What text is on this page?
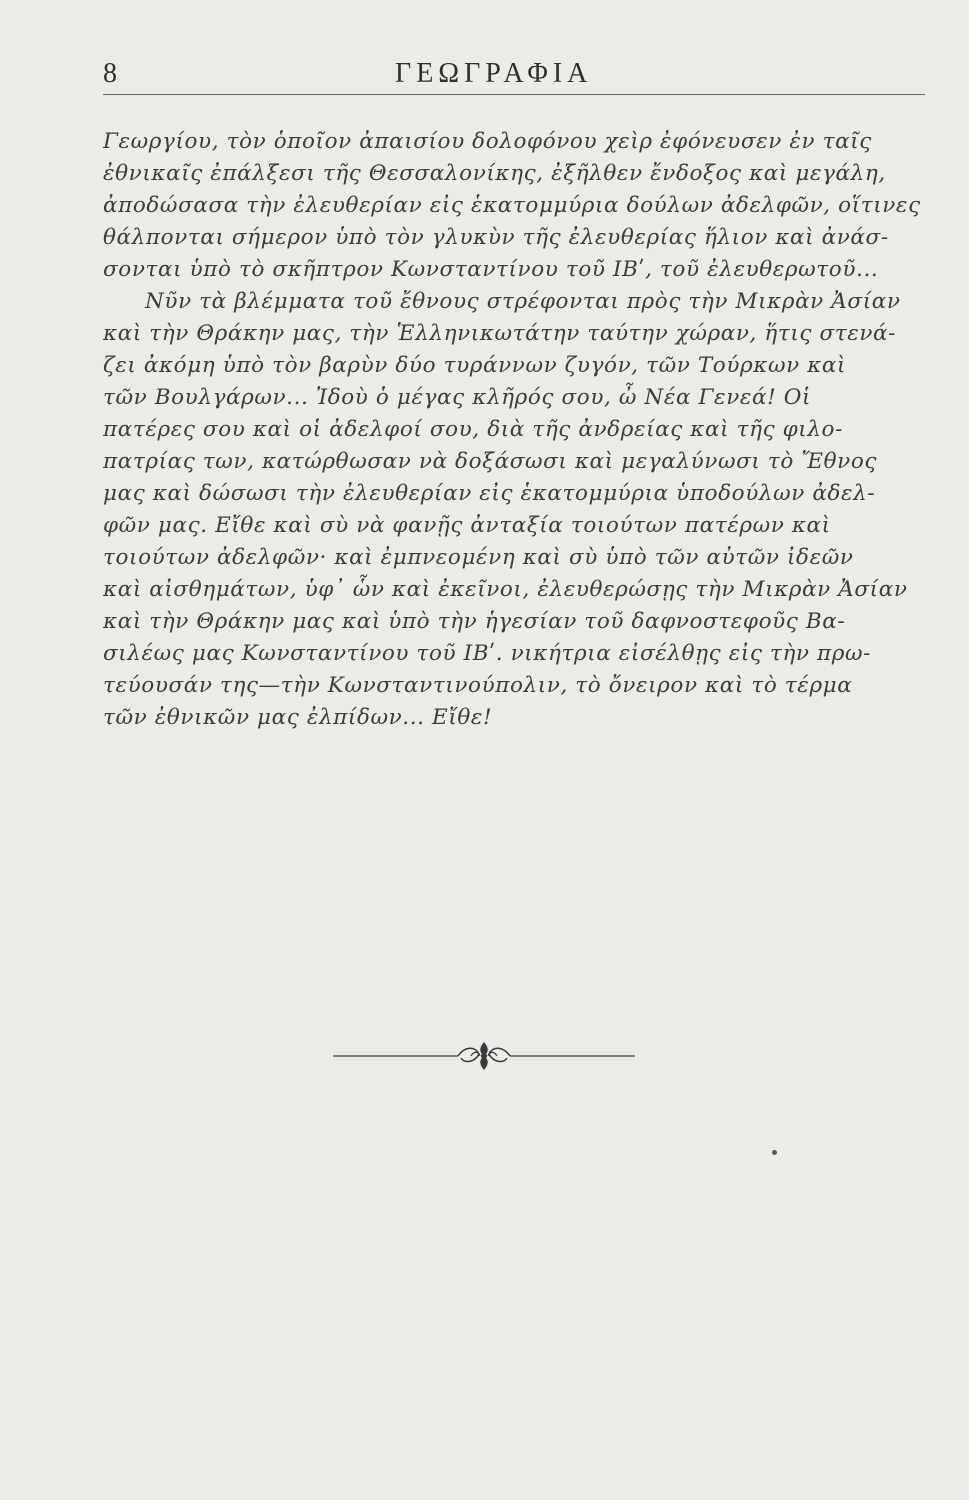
8	ΓΕΩΓΡΑΦΙΑ
Γεωργίου, τὸν ὁποῖον ἀπαισίου δολοφόνου χεὶρ ἐφόνευσεν ἐν ταῖς
ἐθνικαῖς ἐπάλξεσι τῆς Θεσσαλονίκης, ἐξῆλθεν ἔνδοξος καὶ μεγάλη,
ἀποδώσασα τὴν ἐλευθερίαν εἰς ἑκατομμύρια δούλων ἀδελφῶν, οἵτινες
θάλπονται σήμερον ὑπὸ τὸν γλυκὺν τῆς ἐλευθερίας ἥλιον καὶ ἀνάσ-
σονται ὑπὸ τὸ σκῆπτρον Κωνσταντίνου τοῦ ΙΒʹ, τοῦ ἐλευθερωτοῦ...
Νῦν τὰ βλέμματα τοῦ ἔθνους στρέφονται πρὸς τὴν Μικρὰν Ἀσίαν
καὶ τὴν Θράκην μας, τὴν Ἑλληνικωτάτην ταύτην χώραν, ἥτις στενά-
ζει ἀκόμη ὑπὸ τὸν βαρὺν δύο τυράννων ζυγόν, τῶν Τούρκων καὶ
τῶν Βουλγάρων... Ἰδοὺ ὁ μέγας κλῆρός σου, ὦ Νέα Γενεά! Οἱ
πατέρες σου καὶ οἱ ἀδελφοί σου, διὰ τῆς ἀνδρείας καὶ τῆς φιλο-
πατρίας των, κατώρθωσαν νὰ δοξάσωσι καὶ μεγαλύνωσι τὸ Ἔθνος
μας καὶ δώσωσι τὴν ἐλευθερίαν εἰς ἑκατομμύρια ὑποδούλων ἀδελ-
φῶν μας. Εἴθε καὶ σὺ νὰ φανῇς ἀνταξία τοιούτων πατέρων καὶ
τοιούτων ἀδελφῶν· καὶ ἐμπνεομένη καὶ σὺ ὑπὸ τῶν αὐτῶν ἰδεῶν
καὶ αἰσθημάτων, ὑφ᾽ ὧν καὶ ἐκεῖνοι, ἐλευθερώσῃς τὴν Μικρὰν Ἀσίαν
καὶ τὴν Θράκην μας καὶ ὑπὸ τὴν ἡγεσίαν τοῦ δαφνοστεφοῦς Βα-
σιλέως μας Κωνσταντίνου τοῦ ΙΒʹ. νικήτρια εἰσέλθῃς εἰς τὴν πρω-
τεύουσάν της—τὴν Κωνσταντινούπολιν, τὸ ὄνειρον καὶ τὸ τέρμα
τῶν ἐθνικῶν μας ἐλπίδων... Εἴθε!
